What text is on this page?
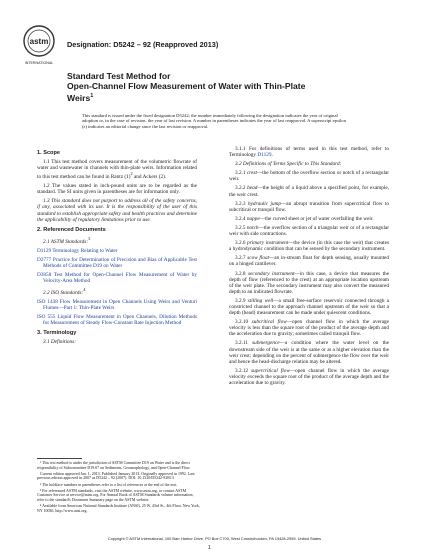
astm
INTERNATIONAL
Designation: D5242 – 92 (Reapproved 2013)
Standard Test Method for
Open-Channel Flow Measurement of Water with Thin-Plate
Weirs$^1$
This standard is issued under the fixed designation D5242; the number immediately following the designation indicates the year of original adoption or, in the case of revision, the year of last revision. A number in parentheses indicates the year of last reapproval. A superscript epsilon (ε) indicates an editorial change since the last revision or reapproval.
1. Scope

1.1 This test method covers measurement of the volumetric flowrate of water and wastewater in channels with thin-plate weirs. Information related to this test method can be found in Rantz $(1)^2$ and Ackers (2).

1.2 The values stated in inch-pound units are to be regarded as the standard. The SI units given in parentheses are for information only.

1.3 This standard does not purport to address all of the safety concerns, if any, associated with its use. It is the responsibility of the user of this standard to establish appropriate safety and health practices and determine the applicability of regulatory limitations prior to use.

2. Referenced Documents

2.1 ASTM Standards:$^3$

D1129 Terminology Relating to Water

D2777 Practice for Determination of Precision and Bias of Applicable Test Methods of Committee D19 on Water

D3858 Test Method for Open-Channel Flow Measurement of Water by Velocity-Area Method

2.2 ISO Standards:$^4$

ISO 1438 Flow Measurement in Open Channels Using Weirs and Venturi Flumes—Part 1: Thin-Plate Weirs

ISO 555 Liquid Flow Measurement in Open Channels, Dilution Methods for Measurement of Steady Flow-Constant Rate Injection Method

3. Terminology

3.1 Definitions:

¹ This test method is under the jurisdiction of ASTM Committee D19 on Water and is the direct responsibility of Subcommittee D19.07 on Sediments, Geomorphology, and Open-Channel Flow.

Current edition approved Jan. 1, 2013. Published January 2013. Originally approved in 1992. Last previous edition approved in 2007 as D5242 – 92 (2007). DOI: 10.1520/D5242-92R13

² The boldface numbers in parentheses refer to a list of references at the end of the text.

³ For referenced ASTM standards, visit the ASTM website, www.astm.org, or contact ASTM Customer Service at service@astm.org. For Annual Book of ASTM Standards volume information, refer to the standard's Document Summary page on the ASTM website.

⁴ Available from American National Standards Institute (ANSI), 25 W. 43rd St., 4th Floor, New York, NY 10036, http://www.ansi.org.

3.1.1 For definitions of terms used in this test method, refer to Terminology D1129.

3.2 Definitions of Terms Specific to This Standard:

3.2.1 crest—the bottom of the overflow section or notch of a rectangular weir.

3.2.2 head—the height of a liquid above a specified point, for example, the weir crest.

3.2.3 hydraulic jump—an abrupt transition from supercritical flow to subcritical or tranquil flow.

3.2.4 nappe—the curved sheet or jet of water overfalling the weir.

3.2.5 notch—the overflow section of a triangular weir or of a rectangular weir with side contractions.

3.2.6 primary instrument—the device (in this case the weir) that creates a hydrodynamic condition that can be sensed by the secondary instrument.

3.2.7 scow float—an in-stream float for depth sensing, usually mounted on a hinged cantilever.

3.2.8 secondary instrument—in this case, a device that measures the depth of flow (referenced to the crest) at an appropriate location upstream of the weir plate. The secondary instrument may also convert the measured depth to an indicated flowrate.

3.2.9 stilling well—a small free-surface reservoir connected through a constricted channel to the approach channel upstream of the weir so that a depth (head) measurement can be made under quiescent conditions.

3.2.10 subcritical flow—open channel flow in which the average velocity is less than the square root of the product of the average depth and the acceleration due to gravity; sometimes called tranquil flow.

3.2.11 submergence—a condition where the water level on the downstream side of the weir is at the same or at a higher elevation than the weir crest; depending on the percent of submergence the flow over the weir and hence the head-discharge relation may be altered.

3.2.12 supercritical flow—open channel flow in which the average velocity exceeds the square root of the product of the average depth and the acceleration due to gravity.

Copyright © ASTM International, 100 Barr Harbor Drive, PO Box C700, West Conshohocken, PA 19428-2959. United States
1
